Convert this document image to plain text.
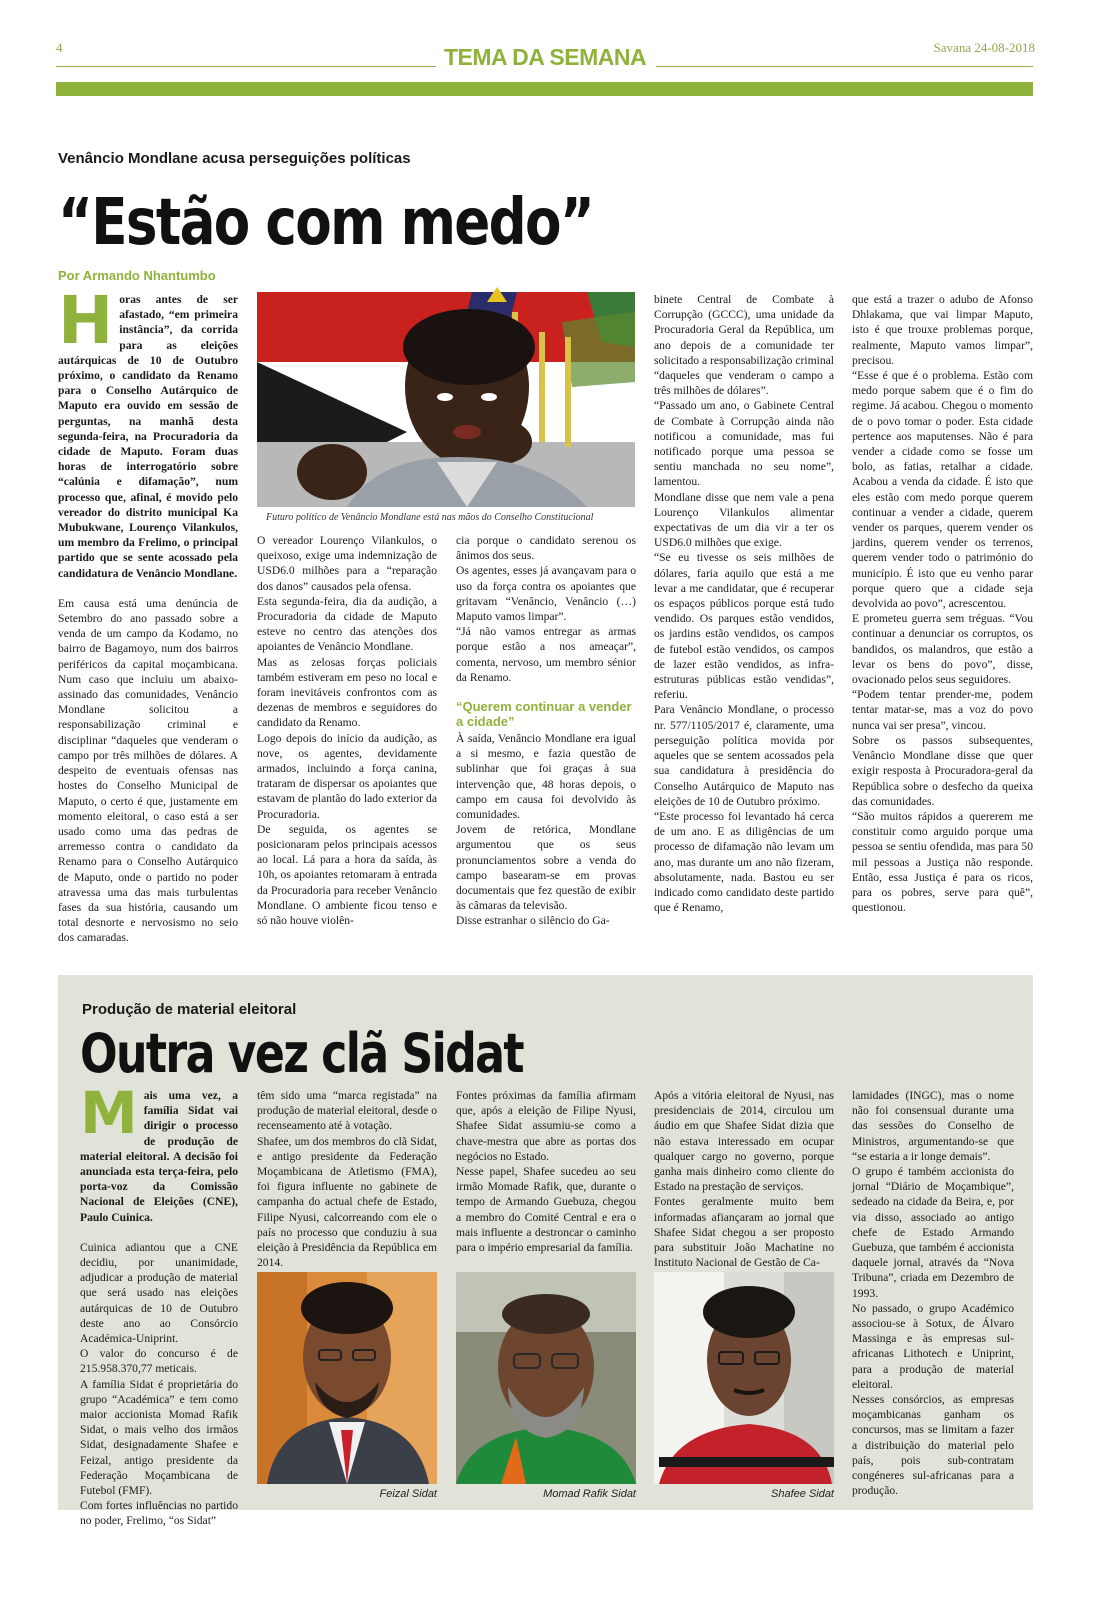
4	TEMA DA SEMANA	Savana 24-08-2018
Venâncio Mondlane acusa perseguições políticas
“Estão com medo”
Por Armando Nhantumbo
H oras antes de ser afastado, “em primeira instância”, da corrida para as eleições autárquicas de 10 de Outubro próximo, o candidato da Renamo para o Conselho Autárquico de Maputo era ouvido em sessão de perguntas, na manhã desta segunda-feira, na Procuradoria da cidade de Maputo. Foram duas horas de interrogatório sobre “calúnia e difamação”, num processo que, afinal, é movido pelo vereador do distrito municipal Ka Mubukwane, Lourenço Vilankulos, um membro da Frelimo, o principal partido que se sente acossado pela candidatura de Venâncio Mondlane.

Em causa está uma denúncia de Setembro do ano passado sobre a venda de um campo da Kodamo, no bairro de Bagamoyo, num dos bairros periféricos da capital moçambicana. Num caso que incluiu um abaixo-assinado das comunidades, Venâncio Mondlane solicitou a responsabilização criminal e disciplinar “daqueles que venderam o campo por três milhões de dólares. A despeito de eventuais ofensas nas hostes do Conselho Municipal de Maputo, o certo é que, justamente em momento eleitoral, o caso está a ser usado como uma das pedras de arremesso contra o candidato da Renamo para o Conselho Autárquico de Maputo, onde o partido no poder atravessa uma das mais turbulentas fases da sua história, causando um total desnorte e nervosismo no seio dos camaradas.

Futuro político de Venâncio Mondlane está nas mãos do Conselho Constitucional

O vereador Lourenço Vilankulos, o queixoso, exige uma indemnização de USD6.0 milhões para a “reparação dos danos” causados pela ofensa.

Esta segunda-feira, dia da audição, a Procuradoria da cidade de Maputo esteve no centro das atenções dos apoiantes de Venâncio Mondlane.

Mas as zelosas forças policiais também estiveram em peso no local e foram inevitáveis confrontos com as dezenas de membros e seguidores do candidato da Renamo.

Logo depois do início da audição, as nove, os agentes, devidamente armados, incluindo a força canina, trataram de dispersar os apoiantes que estavam de plantão do lado exterior da Procuradoria.

De seguida, os agentes se posicionaram pelos principais acessos ao local. Lá para a hora da saída, às 10h, os apoiantes retomaram à entrada da Procuradoria para receber Venâncio Mondlane. O ambiente ficou tenso e só não houve violên-

cia porque o candidato serenou os ânimos dos seus.

Os agentes, esses já avançavam para o uso da força contra os apoiantes que gritavam “Venâncio, Venâncio (…) Maputo vamos limpar”.

“Já não vamos entregar as armas porque estão a nos ameaçar”, comenta, nervoso, um membro sénior da Renamo.

“Querem continuar a vender a cidade”

À saída, Venâncio Mondlane era igual a si mesmo, e fazia questão de sublinhar que foi graças à sua intervenção que, 48 horas depois, o campo em causa foi devolvido às comunidades.

Jovem de retórica, Mondlane argumentou que os seus pronunciamentos sobre a venda do campo basearam-se em provas documentais que fez questão de exibir às câmaras da televisão.

Disse estranhar o silêncio do Ga-

binete Central de Combate à Corrupção (GCCC), uma unidade da Procuradoria Geral da República, um ano depois de a comunidade ter solicitado a responsabilização criminal “daqueles que venderam o campo a três milhões de dólares”.

“Passado um ano, o Gabinete Central de Combate à Corrupção ainda não notificou a comunidade, mas fui notificado porque uma pessoa se sentiu manchada no seu nome”, lamentou.

Mondlane disse que nem vale a pena Lourenço Vilankulos alimentar expectativas de um dia vir a ter os USD6.0 milhões que exige.

“Se eu tivesse os seis milhões de dólares, faria aquilo que está a me levar a me candidatar, que é recuperar os espaços públicos porque está tudo vendido. Os parques estão vendidos, os jardins estão vendidos, os campos de futebol estão vendidos, os campos de lazer estão vendidos, as infra-estruturas públicas estão vendidas”, referiu.

Para Venâncio Mondlane, o processo nr. 577/1105/2017 é, claramente, uma perseguição política movida por aqueles que se sentem acossados pela sua candidatura à presidência do Conselho Autárquico de Maputo nas eleições de 10 de Outubro próximo.

“Este processo foi levantado há cerca de um ano. E as diligências de um processo de difamação não levam um ano, mas durante um ano não fizeram, absolutamente, nada. Bastou eu ser indicado como candidato deste partido que é Renamo,

que está a trazer o adubo de Afonso Dhlakama, que vai limpar Maputo, isto é que trouxe problemas porque, realmente, Maputo vamos limpar”, precisou.

“Esse é que é o problema. Estão com medo porque sabem que é o fim do regime. Já acabou. Chegou o momento de o povo tomar o poder. Esta cidade pertence aos maputenses. Não é para vender a cidade como se fosse um bolo, as fatias, retalhar a cidade. Acabou a venda da cidade. É isto que eles estão com medo porque querem continuar a vender a cidade, querem vender os parques, querem vender os jardins, querem vender os terrenos, querem vender todo o património do município. É isto que eu venho parar porque quero que a cidade seja devolvida ao povo”, acrescentou.

E prometeu guerra sem tréguas. “Vou continuar a denunciar os corruptos, os bandidos, os malandros, que estão a levar os bens do povo”, disse, ovacionado pelos seus seguidores.

“Podem tentar prender-me, podem tentar matar-se, mas a voz do povo nunca vai ser presa”, vincou.

Sobre os passos subsequentes, Venâncio Mondlane disse que quer exigir resposta à Procuradora-geral da República sobre o desfecho da queixa das comunidades.

“São muitos rápidos a quererem me constituir como arguido porque uma pessoa se sentiu ofendida, mas para 50 mil pessoas a Justiça não responde. Então, essa Justiça é para os ricos, para os pobres, serve para quê”, questionou.

Produção de material eleitoral
Outra vez clã Sidat
M ais uma vez, a família Sidat vai dirigir o processo de produção de material eleitoral. A decisão foi anunciada esta terça-feira, pelo porta-voz da Comissão Nacional de Eleições (CNE), Paulo Cuinica.

Cuinica adiantou que a CNE decidiu, por unanimidade, adjudicar a produção de material que será usado nas eleições autárquicas de 10 de Outubro deste ano ao Consórcio Académica-Uniprint.

O valor do concurso é de 215.958.370,77 meticais.

A família Sidat é proprietária do grupo “Académica” e tem como maior accionista Momad Rafik Sidat, o mais velho dos irmãos Sidat, designadamente Shafee e Feizal, antigo presidente da Federação Moçambicana de Futebol (FMF).

Com fortes influências no partido no poder, Frelimo, “os Sidat”

têm sido uma “marca registada” na produção de material eleitoral, desde o recenseamento até à votação.

Shafee, um dos membros do clã Sidat, e antigo presidente da Federação Moçambicana de Atletismo (FMA), foi figura influente no gabinete de campanha do actual chefe de Estado, Filipe Nyusi, calcorreando com ele o país no processo que conduziu à sua eleição à Presidência da República em 2014.

Fontes próximas da família afirmam que, após a eleição de Filipe Nyusi, Shafee Sidat assumiu-se como a chave-mestra que abre as portas dos negócios no Estado.

Nesse papel, Shafee sucedeu ao seu irmão Momade Rafik, que, durante o tempo de Armando Guebuza, chegou a membro do Comité Central e era o mais influente a destroncar o caminho para o império empresarial da família.

Após a vitória eleitoral de Nyusi, nas presidenciais de 2014, circulou um áudio em que Shafee Sidat dizia que não estava interessado em ocupar qualquer cargo no governo, porque ganha mais dinheiro como cliente do Estado na prestação de serviços.

Fontes geralmente muito bem informadas afiançaram ao jornal que Shafee Sidat chegou a ser proposto para substituir João Machatine no Instituto Nacional de Gestão de Ca-

lamidades (INGC), mas o nome não foi consensual durante uma das sessões do Conselho de Ministros, argumentando-se que “se estaria a ir longe demais”.

O grupo é também accionista do jornal “Diário de Moçambique”, sedeado na cidade da Beira, e, por via disso, associado ao antigo chefe de Estado Armando Guebuza, que também é accionista daquele jornal, através da “Nova Tribuna”, criada em Dezembro de 1993.

No passado, o grupo Académico associou-se à Sotux, de Álvaro Massinga e às empresas sul-africanas Lithotech e Uniprint, para a produção de material eleitoral.

Nesses consórcios, as empresas moçambicanas ganham os concursos, mas se limitam a fazer a distribuição do material pelo país, pois sub-contratam congéneres sul-africanas para a produção.

Feizal Sidat	Momad Rafik Sidat	Shafee Sidat
